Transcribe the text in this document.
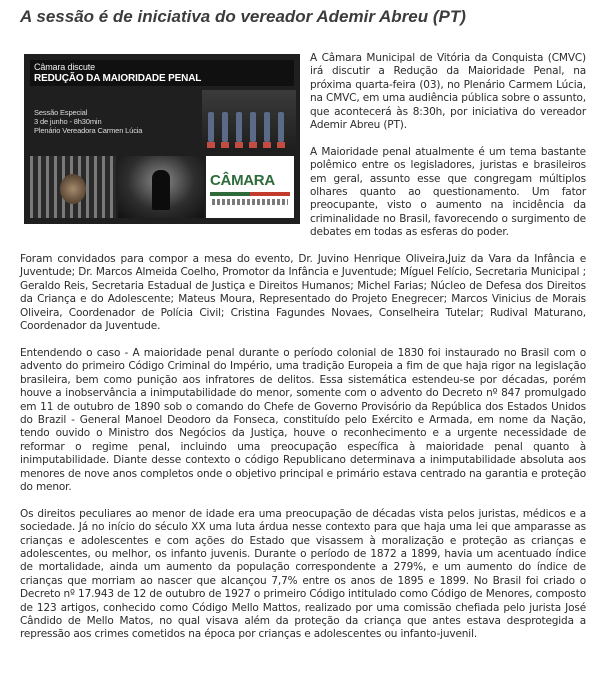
A sessão é de iniciativa do vereador Ademir Abreu (PT)
Câmara discute
REDUÇÃO DA MAIORIDADE PENAL
Sessão Especial
3 de junho - 8h30min
Plenário Vereadora Carmen Lúcia
CÂMARA

A Câmara Municipal de Vitória da Conquista (CMVC) irá discutir a Redução da Maioridade Penal, na próxima quarta-feira (03), no Plenário Carmem Lúcia, na CMVC, em uma audiência pública sobre o assunto, que acontecerá às 8:30h, por iniciativa do vereador Ademir Abreu (PT).

A Maioridade penal atualmente é um tema bastante polêmico entre os legisladores, juristas e brasileiros em geral, assunto esse que congregam múltiplos olhares quanto ao questionamento. Um fator preocupante, visto o aumento na incidência da criminalidade no Brasil, favorecendo o surgimento de debates em todas as esferas do poder.

Foram convidados para compor a mesa do evento, Dr. Juvino Henrique Oliveira,Juiz da Vara da Infância e Juventude; Dr. Marcos Almeida Coelho, Promotor da Infância e Juventude; Míguel Felício, Secretaria Municipal ; Geraldo Reis, Secretaria Estadual de Justiça e Direitos Humanos; Michel Farias; Núcleo de Defesa dos Direitos da Criança e do Adolescente; Mateus Moura, Representado do Projeto Enegrecer; Marcos Vinicius de Morais Oliveira, Coordenador de Polícia Civil; Cristina Fagundes Novaes, Conselheira Tutelar; Rudival Maturano, Coordenador da Juventude.

Entendendo o caso - A maioridade penal durante o período colonial de 1830 foi instaurado no Brasil com o advento do primeiro Código Criminal do Império, uma tradição Europeia a fim de que haja rigor na legislação brasileira, bem como punição aos infratores de delitos. Essa sistemática estendeu-se por décadas, porém houve a inobservância a inimputabilidade do menor, somente com o advento do Decreto nº 847 promulgado em 11 de outubro de 1890 sob o comando do Chefe de Governo Provisório da República dos Estados Unidos do Brazil - General Manoel Deodoro da Fonseca, constituído pelo Exército e Armada, em nome da Nação, tendo ouvido o Ministro dos Negócios da Justiça, houve o reconhecimento e a urgente necessidade de reformar o regime penal, incluindo uma preocupação específica à maioridade penal quanto à inimputabilidade. Diante desse contexto o código Republicano determinava a inimputabilidade absoluta aos menores de nove anos completos onde o objetivo principal e primário estava centrado na garantia e proteção do menor.

Os direitos peculiares ao menor de idade era uma preocupação de décadas vista pelos juristas, médicos e a sociedade. Já no início do século XX uma luta árdua nesse contexto para que haja uma lei que amparasse as crianças e adolescentes e com ações do Estado que visassem à moralização e proteção as crianças e adolescentes, ou melhor, os infanto juvenis. Durante o período de 1872 a 1899, havia um acentuado índice de mortalidade, ainda um aumento da população correspondente a 279%, e um aumento do índice de crianças que morriam ao nascer que alcançou 7,7% entre os anos de 1895 e 1899. No Brasil foi criado o Decreto nº 17.943 de 12 de outubro de 1927 o primeiro Código intitulado como Código de Menores, composto de 123 artigos, conhecido como Código Mello Mattos, realizado por uma comissão chefiada pelo jurista José Cândido de Mello Matos, no qual visava além da proteção da criança que antes estava desprotegida a repressão aos crimes cometidos na época por crianças e adolescentes ou infanto-juvenil.
